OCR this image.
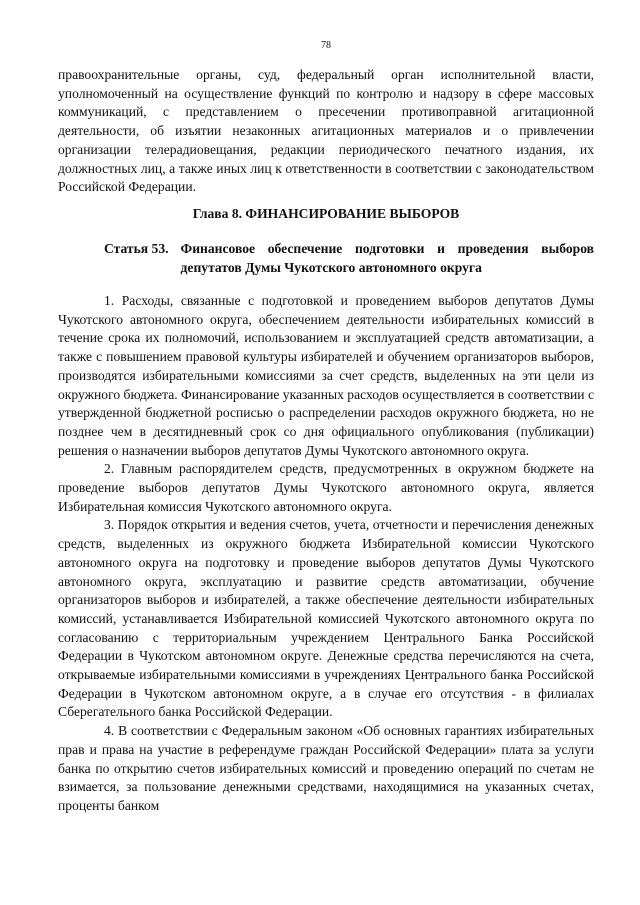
78

правоохранительные органы, суд, федеральный орган исполнительной власти, уполномоченный на осуществление функций по контролю и надзору в сфере массовых коммуникаций, с представлением о пресечении противоправной агитационной деятельности, об изъятии незаконных агитационных материалов и о привлечении организации телерадиовещания, редакции периодического печатного издания, их должностных лиц, а также иных лиц к ответственности в соответствии с законодательством Российской Федерации.

Глава 8. ФИНАНСИРОВАНИЕ ВЫБОРОВ
Статья 53. Финансовое обеспечение подготовки и проведения выборов депутатов Думы Чукотского автономного округа

1. Расходы, связанные с подготовкой и проведением выборов депутатов Думы Чукотского автономного округа, обеспечением деятельности избирательных комиссий в течение срока их полномочий, использованием и эксплуатацией средств автоматизации, а также с повышением правовой культуры избирателей и обучением организаторов выборов, производятся избирательными комиссиями за счет средств, выделенных на эти цели из окружного бюджета. Финансирование указанных расходов осуществляется в соответствии с утвержденной бюджетной росписью о распределении расходов окружного бюджета, но не позднее чем в десятидневный срок со дня официального опубликования (публикации) решения о назначении выборов депутатов Думы Чукотского автономного округа.

2. Главным распорядителем средств, предусмотренных в окружном бюджете на проведение выборов депутатов Думы Чукотского автономного округа, является Избирательная комиссия Чукотского автономного округа.

3. Порядок открытия и ведения счетов, учета, отчетности и перечисления денежных средств, выделенных из окружного бюджета Избирательной комиссии Чукотского автономного округа на подготовку и проведение выборов депутатов Думы Чукотского автономного округа, эксплуатацию и развитие средств автоматизации, обучение организаторов выборов и избирателей, а также обеспечение деятельности избирательных комиссий, устанавливается Избирательной комиссией Чукотского автономного округа по согласованию с территориальным учреждением Центрального Банка Российской Федерации в Чукотском автономном округе. Денежные средства перечисляются на счета, открываемые избирательными комиссиями в учреждениях Центрального банка Российской Федерации в Чукотском автономном округе, а в случае его отсутствия - в филиалах Сберегательного банка Российской Федерации.

4. В соответствии с Федеральным законом «Об основных гарантиях избирательных прав и права на участие в референдуме граждан Российской Федерации» плата за услуги банка по открытию счетов избирательных комиссий и проведению операций по счетам не взимается, за пользование денежными средствами, находящимися на указанных счетах, проценты банком
